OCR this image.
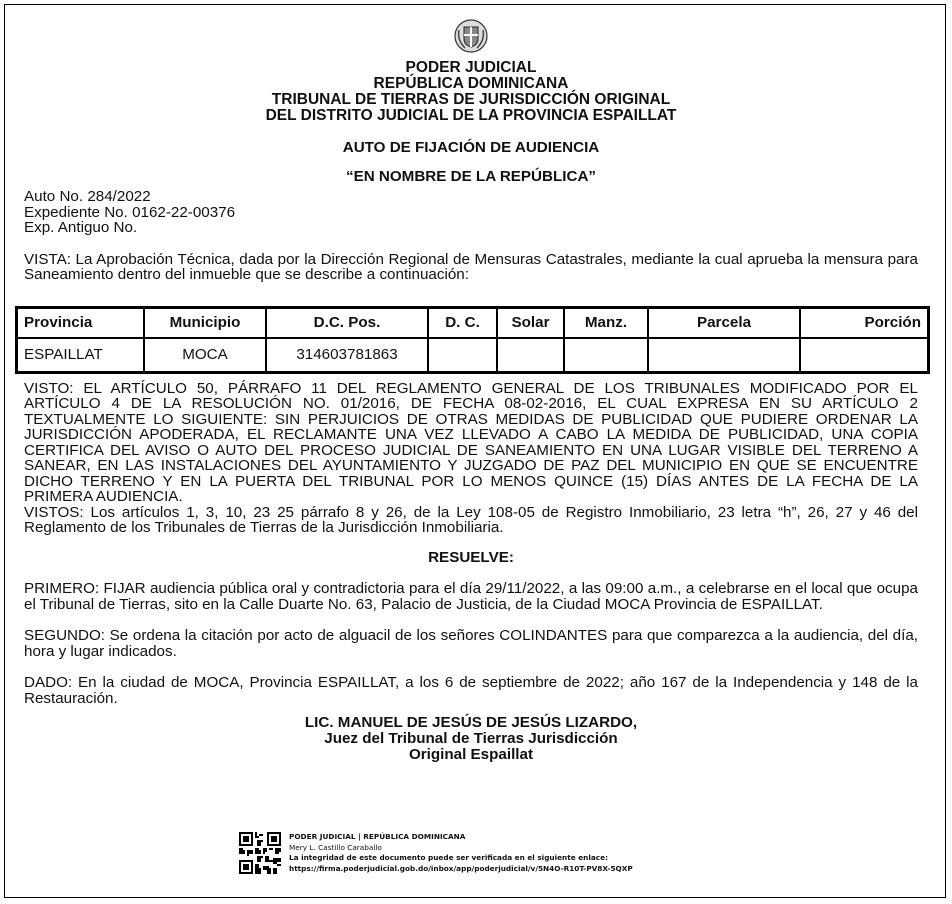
PODER JUDICIAL
REPÚBLICA DOMINICANA
TRIBUNAL DE TIERRAS DE JURISDICCIÓN ORIGINAL
DEL DISTRITO JUDICIAL DE LA PROVINCIA ESPAILLAT
AUTO DE FIJACIÓN DE AUDIENCIA
“EN NOMBRE DE LA REPÚBLICA”
Auto No. 284/2022
Expediente No. 0162-22-00376
Exp. Antiguo No.
VISTA: La Aprobación Técnica, dada por la Dirección Regional de Mensuras Catastrales, mediante la cual aprueba la mensura para Saneamiento dentro del inmueble que se describe a continuación:
Provincia	Municipio	D.C. Pos.	D. C.	Solar	Manz.	Parcela	Porción
ESPAILLAT	MOCA	314603781863					
VISTO: EL ARTÍCULO 50, PÁRRAFO 11 DEL REGLAMENTO GENERAL DE LOS TRIBUNALES MODIFICADO POR EL ARTÍCULO 4 DE LA RESOLUCIÓN NO. 01/2016, DE FECHA 08-02-2016, EL CUAL EXPRESA EN SU ARTÍCULO 2 TEXTUALMENTE LO SIGUIENTE: SIN PERJUICIOS DE OTRAS MEDIDAS DE PUBLICIDAD QUE PUDIERE ORDENAR LA JURISDICCIÓN APODERADA, EL RECLAMANTE UNA VEZ LLEVADO A CABO LA MEDIDA DE PUBLICIDAD, UNA COPIA CERTIFICA DEL AVISO O AUTO DEL PROCESO JUDICIAL DE SANEAMIENTO EN UNA LUGAR VISIBLE DEL TERRENO A SANEAR, EN LAS INSTALACIONES DEL AYUNTAMIENTO Y JUZGADO DE PAZ DEL MUNICIPIO EN QUE SE ENCUENTRE DICHO TERRENO Y EN LA PUERTA DEL TRIBUNAL POR LO MENOS QUINCE (15) DÍAS ANTES DE LA FECHA DE LA PRIMERA AUDIENCIA.
VISTOS: Los artículos 1, 3, 10, 23 25 párrafo 8 y 26, de la Ley 108-05 de Registro Inmobiliario, 23 letra “h”, 26, 27 y 46 del Reglamento de los Tribunales de Tierras de la Jurisdicción Inmobiliaria.
RESUELVE:
PRIMERO: FIJAR audiencia pública oral y contradictoria para el día 29/11/2022, a las 09:00 a.m., a celebrarse en el local que ocupa el Tribunal de Tierras, sito en la Calle Duarte No. 63, Palacio de Justicia, de la Ciudad MOCA Provincia de ESPAILLAT.
SEGUNDO: Se ordena la citación por acto de alguacil de los señores COLINDANTES para que comparezca a la audiencia, del día, hora y lugar indicados.
DADO: En la ciudad de MOCA, Provincia ESPAILLAT, a los 6 de septiembre de 2022; año 167 de la Independencia y 148 de la Restauración.
LIC. MANUEL DE JESÚS DE JESÚS LIZARDO,
Juez del Tribunal de Tierras Jurisdicción
Original Espaillat
PODER JUDICIAL | REPÚBLICA DOMINICANA
Mery L. Castillo Caraballo
La integridad de este documento puede ser verificada en el siguiente enlace:
https://firma.poderjudicial.gob.do/inbox/app/poderjudicial/v/5N4O-R10T-PV8X-5QXP
